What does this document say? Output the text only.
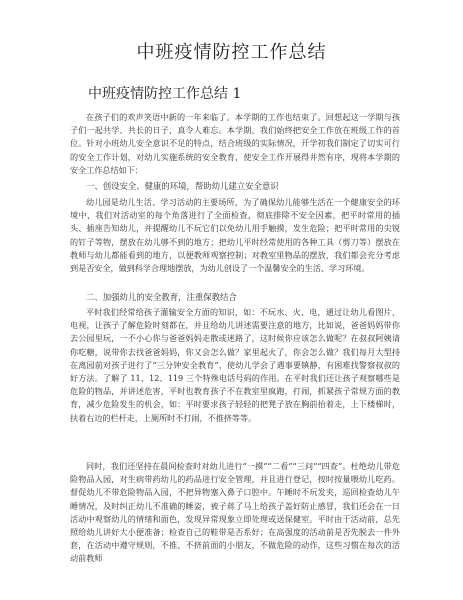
中班疫情防控工作总结
中班疫情防控工作总结 1
在孩子们的欢声笑语中新的一年来临了。本学期的工作也结束了。回想起这一学期与孩子们一起共学、共长的日子，真令人难忘。本学期，我们始终把安全工作放在班级工作的首位。针对小班幼儿安全意识不足的特点，结合班级的实际情况，开学初我们制定了切实可行的安全工作计划，对幼儿实施系统的安全教育，使安全工作开展得井然有序，现将本学期的安全工作总结如下：
一、创设安全、健康的环境，帮助幼儿建立安全意识
幼儿园是幼儿生活、学习活动的主要场所，为了确保幼儿能够生活在一个健康安全的环境中，我们对活动室的每个角落进行了全面检查，彻底排除不安全因素，把平时常用的插头、插座告知幼儿，并提醒幼儿不玩它们以免幼儿用手触摸，发生危险；把平时常用的尖锐的钉子等物，摆放在幼儿够不到的地方；把幼儿平时经常使用的各种工具（剪刀等）摆放在教师与幼儿都能看到的地方，以便教师观察控制；对教室里物品的摆放，我们都会充分考虑到是否安全，做到科学合理地摆放，为幼儿创设了一个温馨安全的生活、学习环境。
二、加强幼儿的安全教育，注重保教结合
平时我们经常给孩子灌输安全方面的知识，如：不玩水、火、电，通过让幼儿看图片、电视，让孩子了解危险时刻都在，并且给幼儿讲述需要注意的地方，比如说，爸爸妈妈带你去公园里玩，一不小心你与爸爸妈妈走散或迷路了，这时候你应该怎么做呢？在叔叔阿姨请你吃糖，说带你去找爸爸妈妈，你又会怎么做？家里起火了，你会怎么做？我们每月大型持在离园前对孩子进行了“三分钟安全教育”，使幼儿学会了遇事要镇静，有困难找警察叔叔的好方法。了解了 11、12、119 三个特殊电话号码的作用。在平时我们还让孩子观察哪些是危险的物品，并讲述危害，平时也教育孩子不在教室里疯跑，打闹，抓紧孩子常规方面的教育，减少危险发生的机会，如：平时要求孩子轻轻的把凳子放在胸前抬着走，上下楼梯时，扶着右边的栏杆走，上厕所时不打闹，不推挤等等。
同时，我们还坚持在晨间检查时对幼儿进行“一摸”“二看”“三问”“四查”。杜绝幼儿带危险物品入园，对生病带药幼儿的药品进行安全管理，并且进行登记，按时按量喂幼儿吃药。督促幼儿不带危险物品入园，不把异物塞入鼻子口腔中。午睡时不玩发夹，巡回检查幼儿午睡情况，及时纠正幼儿不准确的睡姿，被子蒋了马上给孩子盖好防止感冒，我们还会在一日活动中观察幼儿的情绪和面色，发现异常现象立即处理或送保健室。平时由于活动前，总先照给幼儿讲好大小便准备；检查自己的鞋带是否系好；在高强度的活动前是否先脱去一件外套，在活动中遵守规则，不推、不挤前面的小朋友，不做危险的动作，这些习惯在每次的活动前教师
